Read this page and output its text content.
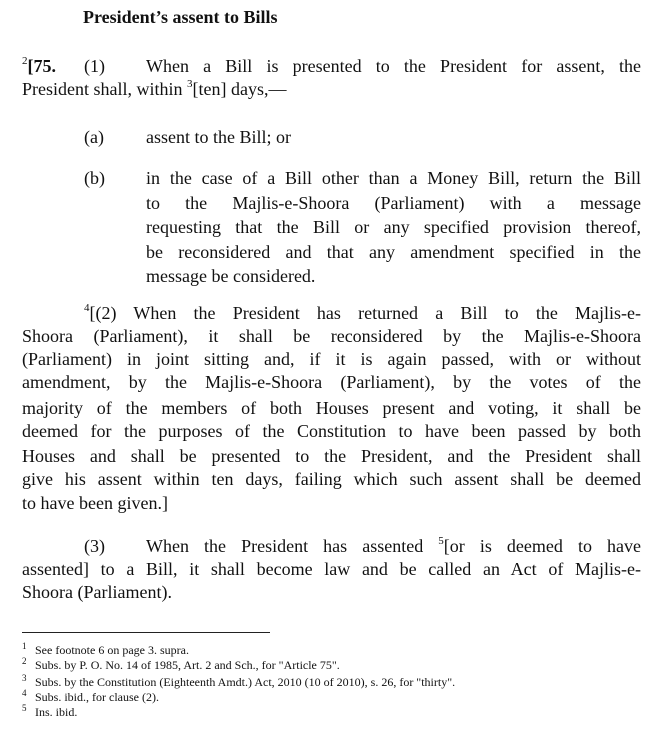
President’s assent to Bills
$^2$[75. (1) When a Bill is presented to the President for assent, the
President shall, within $^3$[ten] days,—
(a) assent to the Bill; or
(b) in the case of a Bill other than a Money Bill, return the Bill
to the Majlis-e-Shoora (Parliament) with a message
requesting that the Bill or any specified provision thereof,
be reconsidered and that any amendment specified in the
message be considered.
$^4$[(2) When the President has returned a Bill to the Majlis-e-
Shoora (Parliament), it shall be reconsidered by the Majlis-e-Shoora
(Parliament) in joint sitting and, if it is again passed, with or without
amendment, by the Majlis-e-Shoora (Parliament), by the votes of the
majority of the members of both Houses present and voting, it shall be
deemed for the purposes of the Constitution to have been passed by both
Houses and shall be presented to the President, and the President shall
give his assent within ten days, failing which such assent shall be deemed
to have been given.]
(3) When the President has assented $^5$[or is deemed to have
assented] to a Bill, it shall become law and be called an Act of Majlis-e-
Shoora (Parliament).
1 See footnote 6 on page 3. supra.
2 Subs. by P. O. No. 14 of 1985, Art. 2 and Sch., for "Article 75".
3 Subs. by the Constitution (Eighteenth Amdt.) Act, 2010 (10 of 2010), s. 26, for "thirty".
4 Subs. ibid., for clause (2).
5 Ins. ibid.
